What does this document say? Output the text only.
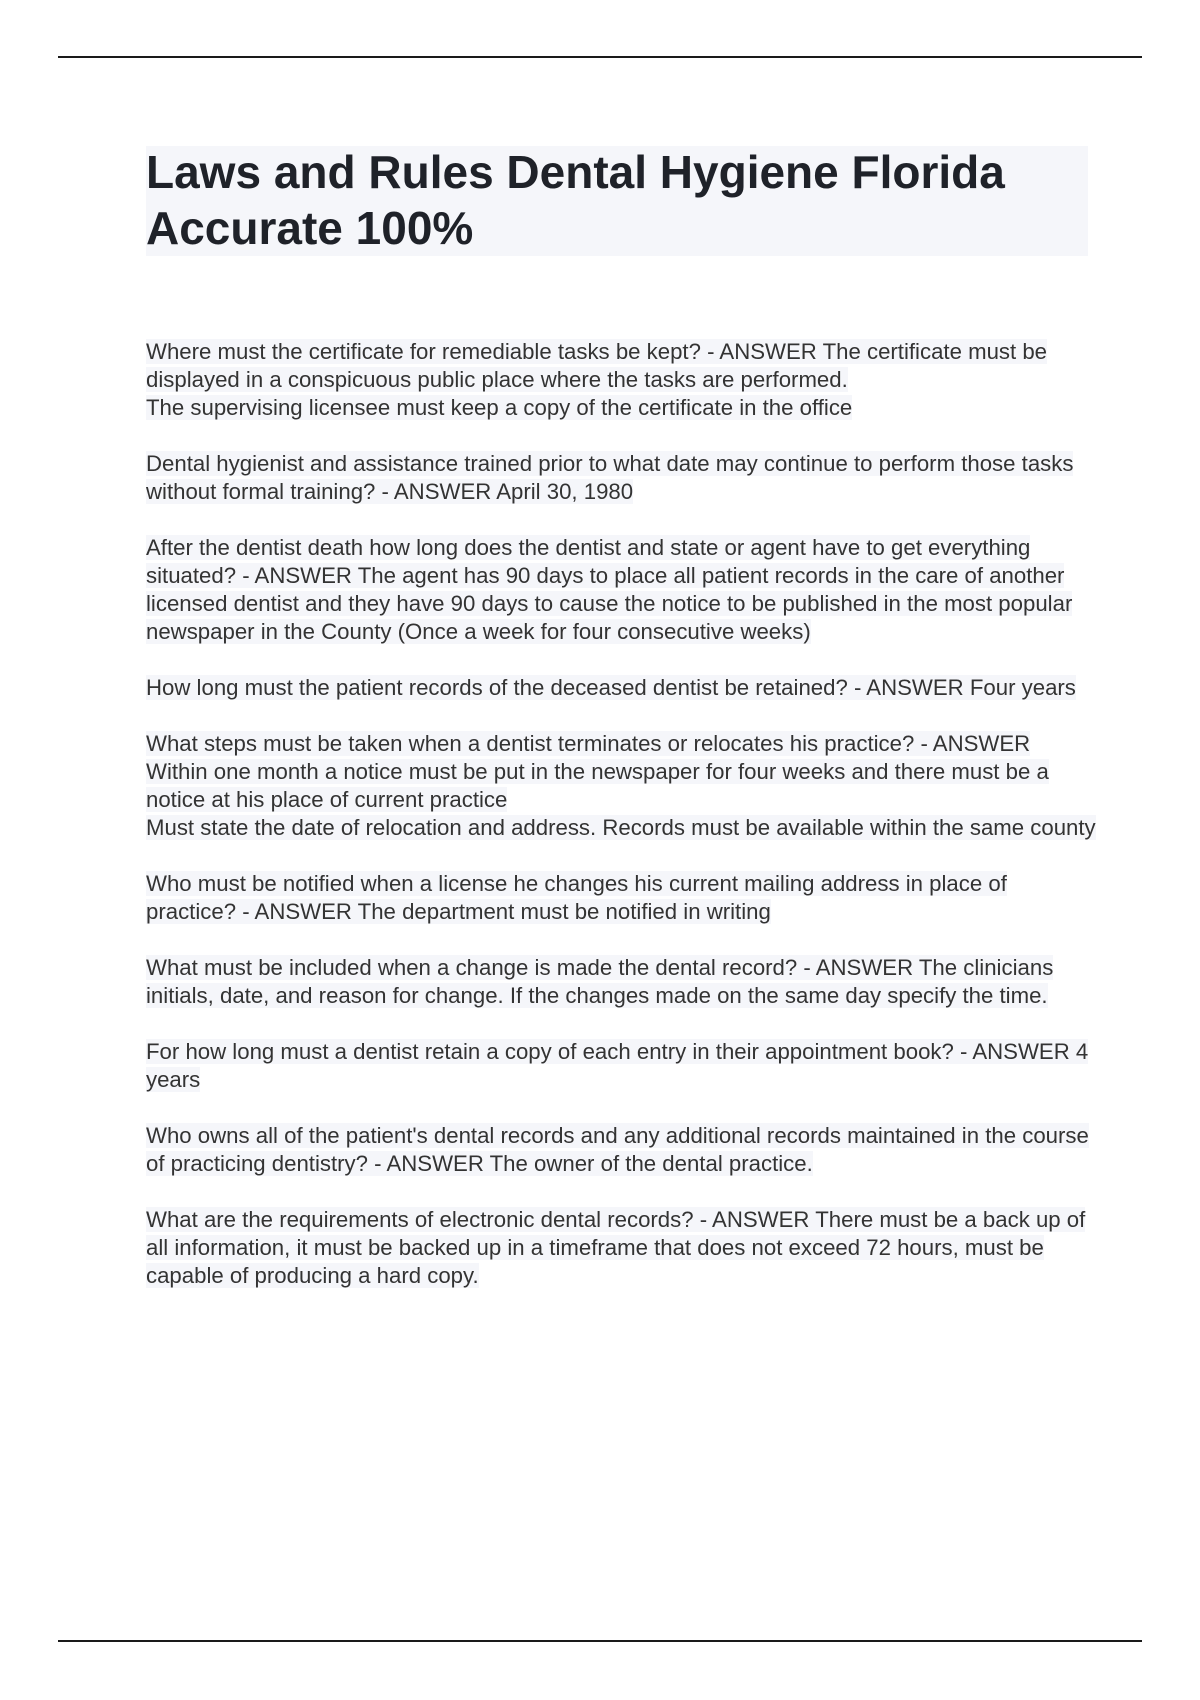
Laws and Rules Dental Hygiene Florida Accurate 100%

Where must the certificate for remediable tasks be kept? - ANSWER The certificate must be displayed in a conspicuous public place where the tasks are performed.
The supervising licensee must keep a copy of the certificate in the office

Dental hygienist and assistance trained prior to what date may continue to perform those tasks without formal training? - ANSWER April 30, 1980

After the dentist death how long does the dentist and state or agent have to get everything situated? - ANSWER The agent has 90 days to place all patient records in the care of another licensed dentist and they have 90 days to cause the notice to be published in the most popular newspaper in the County (Once a week for four consecutive weeks)

How long must the patient records of the deceased dentist be retained? - ANSWER Four years

What steps must be taken when a dentist terminates or relocates his practice? - ANSWER Within one month a notice must be put in the newspaper for four weeks and there must be a notice at his place of current practice
Must state the date of relocation and address. Records must be available within the same county

Who must be notified when a license he changes his current mailing address in place of practice? - ANSWER The department must be notified in writing

What must be included when a change is made the dental record? - ANSWER The clinicians initials, date, and reason for change. If the changes made on the same day specify the time.

For how long must a dentist retain a copy of each entry in their appointment book? - ANSWER 4 years

Who owns all of the patient's dental records and any additional records maintained in the course of practicing dentistry? - ANSWER The owner of the dental practice.

What are the requirements of electronic dental records? - ANSWER There must be a back up of all information, it must be backed up in a timeframe that does not exceed 72 hours, must be capable of producing a hard copy.
